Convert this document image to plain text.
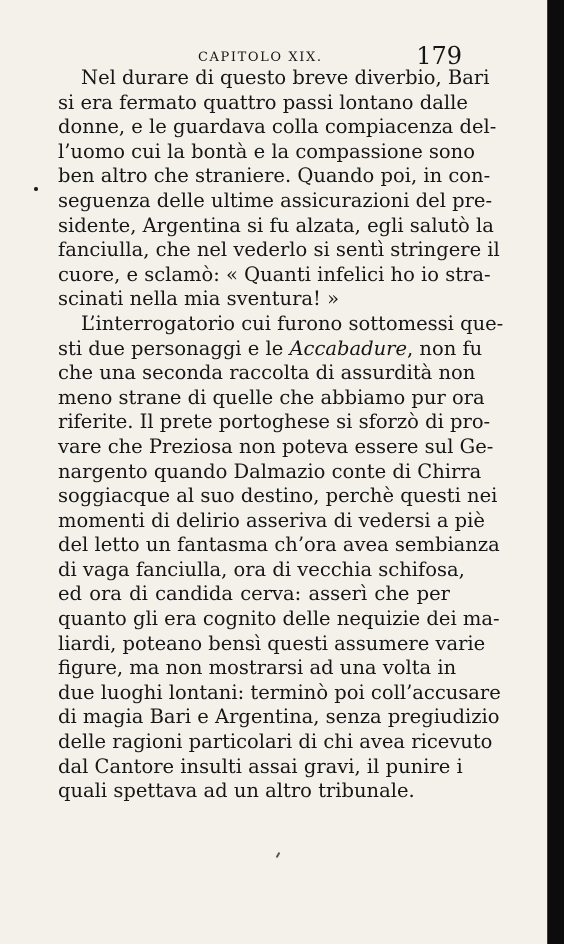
CAPITOLO XIX.	179
Nel durare di questo breve diverbio, Bari
si era fermato quattro passi lontano dalle
donne, e le guardava colla compiacenza del-
l’uomo cui la bontà e la compassione sono
ben altro che straniere. Quando poi, in con-
seguenza delle ultime assicurazioni del pre-
sidente, Argentina si fu alzata, egli salutò la
fanciulla, che nel vederlo si sentì stringere il
cuore, e sclamò: « Quanti infelici ho io stra-
scinati nella mia sventura! »
L’interrogatorio cui furono sottomessi que-
sti due personaggi e le Accabadure, non fu
che una seconda raccolta di assurdità non
meno strane di quelle che abbiamo pur ora
riferite. Il prete portoghese si sforzò di pro-
vare che Preziosa non poteva essere sul Ge-
nargento quando Dalmazio conte di Chirra
soggiacque al suo destino, perchè questi nei
momenti di delirio asseriva di vedersi a piè
del letto un fantasma ch’ora avea sembianza
di vaga fanciulla, ora di vecchia schifosa,
ed ora di candida cerva: asserì che per
quanto gli era cognito delle nequizie dei ma-
liardi, poteano bensì questi assumere varie
figure, ma non mostrarsi ad una volta in
due luoghi lontani: terminò poi coll’accusare
di magia Bari e Argentina, senza pregiudizio
delle ragioni particolari di chi avea ricevuto
dal Cantore insulti assai gravi, il punire i
quali spettava ad un altro tribunale.
